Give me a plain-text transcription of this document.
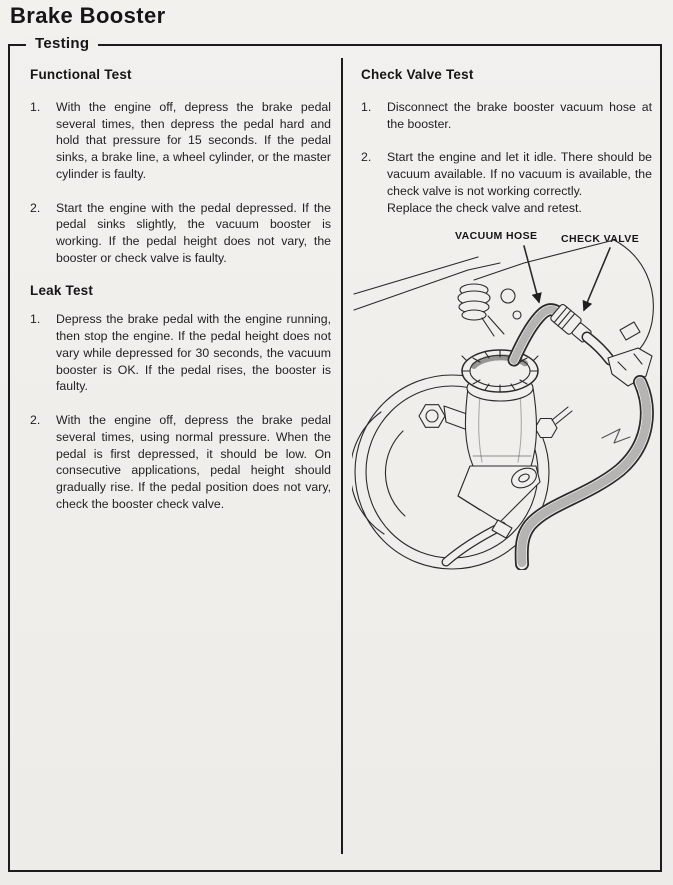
Brake Booster
Testing
Functional Test
1.	With the engine off, depress the brake pedal several times, then depress the pedal hard and hold that pressure for 15 seconds. If the pedal sinks, a brake line, a wheel cylinder, or the master cylinder is faulty.
2.	Start the engine with the pedal depressed. If the pedal sinks slightly, the vacuum booster is working. If the pedal height does not vary, the booster or check valve is faulty.
Leak Test
1.	Depress the brake pedal with the engine running, then stop the engine. If the pedal height does not vary while depressed for 30 seconds, the vacuum booster is OK. If the pedal rises, the booster is faulty.
2.	With the engine off, depress the brake pedal several times, using normal pressure. When the pedal is first depressed, it should be low. On consecutive applications, pedal height should gradually rise. If the pedal position does not vary, check the booster check valve.
Check Valve Test
1.	Disconnect the brake booster vacuum hose at the booster.
2.	Start the engine and let it idle. There should be vacuum available. If no vacuum is available, the check valve is not working correctly.
Replace the check valve and retest.
VACUUM HOSE CHECK VALVE
